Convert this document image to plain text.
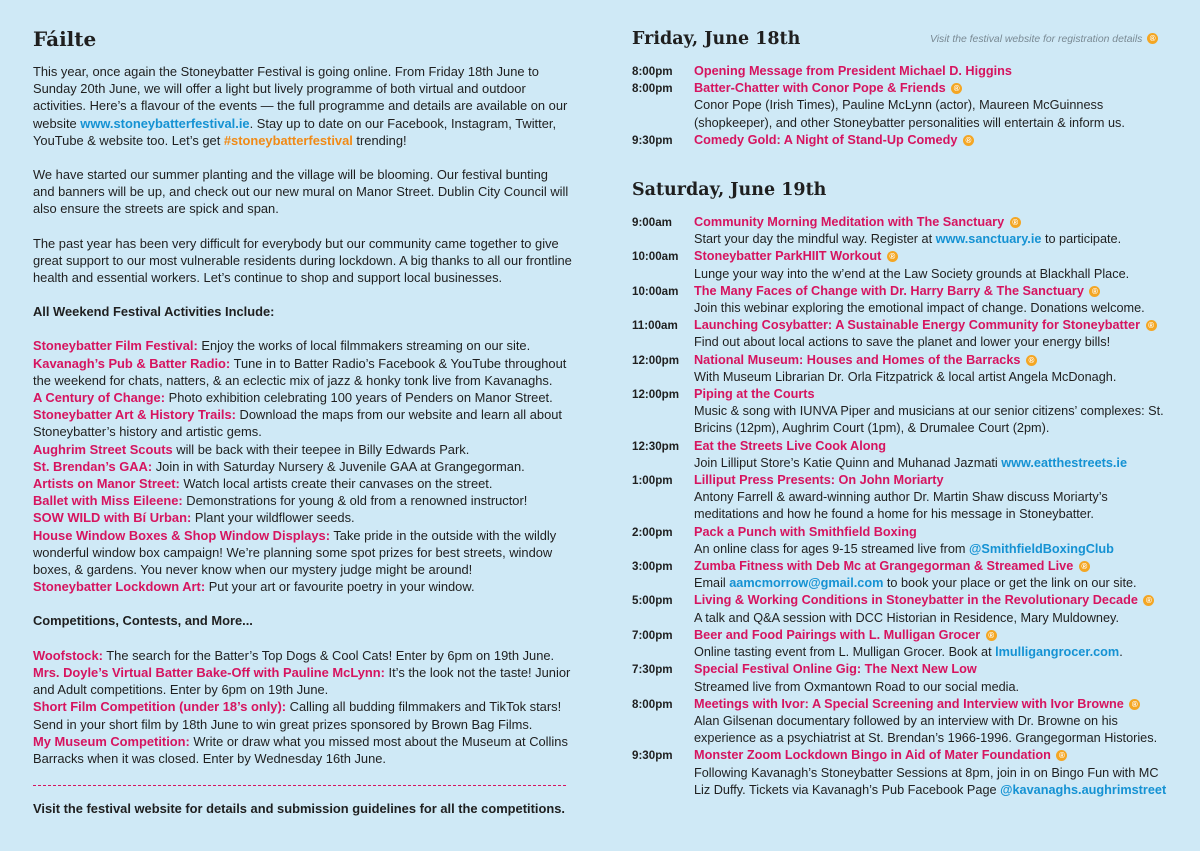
Fáilte

This year, once again the Stoneybatter Festival is going online. From Friday 18th June to Sunday 20th June, we will offer a light but lively programme of both virtual and outdoor activities. Here’s a flavour of the events — the full programme and details are available on our website www.stoneybatterfestival.ie. Stay up to date on our Facebook, Instagram, Twitter, YouTube & website too. Let’s get #stoneybatterfestival trending!

We have started our summer planting and the village will be blooming. Our festival bunting and banners will be up, and check out our new mural on Manor Street. Dublin City Council will also ensure the streets are spick and span.

The past year has been very difficult for everybody but our community came together to give great support to our most vulnerable residents during lockdown. A big thanks to all our frontline health and essential workers. Let’s continue to shop and support local businesses.

All Weekend Festival Activities Include:

Stoneybatter Film Festival: Enjoy the works of local filmmakers streaming on our site.

Kavanagh’s Pub & Batter Radio: Tune in to Batter Radio’s Facebook & YouTube throughout the weekend for chats, natters, & an eclectic mix of jazz & honky tonk live from Kavanaghs.

A Century of Change: Photo exhibition celebrating 100 years of Penders on Manor Street.

Stoneybatter Art & History Trails: Download the maps from our website and learn all about Stoneybatter’s history and artistic gems.

Aughrim Street Scouts will be back with their teepee in Billy Edwards Park.

St. Brendan’s GAA: Join in with Saturday Nursery & Juvenile GAA at Grangegorman.

Artists on Manor Street: Watch local artists create their canvases on the street.

Ballet with Miss Eileene: Demonstrations for young & old from a renowned instructor!

SOW WILD with Bí Urban: Plant your wildflower seeds.

House Window Boxes & Shop Window Displays: Take pride in the outside with the wildly wonderful window box campaign! We’re planning some spot prizes for best streets, window boxes, & gardens. You never know when our mystery judge might be around!

Stoneybatter Lockdown Art: Put your art or favourite poetry in your window.

Competitions, Contests, and More...

Woofstock: The search for the Batter’s Top Dogs & Cool Cats! Enter by 6pm on 19th June.

Mrs. Doyle’s Virtual Batter Bake-Off with Pauline McLynn: It’s the look not the taste! Junior and Adult competitions. Enter by 6pm on 19th June.

Short Film Competition (under 18’s only): Calling all budding filmmakers and TikTok stars! Send in your short film by 18th June to win great prizes sponsored by Brown Bag Films.

My Museum Competition: Write or draw what you missed most about the Museum at Collins Barracks when it was closed. Enter by Wednesday 16th June.

Visit the festival website for details and submission guidelines for all the competitions.
Visit the festival website for registration details ®
Friday, June 18th
8:00pm	Opening Message from President Michael D. Higgins
8:00pm	Batter-Chatter with Conor Pope & Friends ®
Conor Pope (Irish Times), Pauline McLynn (actor), Maureen McGuinness (shopkeeper), and other Stoneybatter personalities will entertain & inform us.
9:30pm	Comedy Gold: A Night of Stand-Up Comedy ®
Saturday, June 19th
9:00am	Community Morning Meditation with The Sanctuary ®
Start your day the mindful way. Register at www.sanctuary.ie to participate.
10:00am	Stoneybatter ParkHIIT Workout ®
Lunge your way into the w’end at the Law Society grounds at Blackhall Place.
10:00am	The Many Faces of Change with Dr. Harry Barry & The Sanctuary ®
Join this webinar exploring the emotional impact of change. Donations welcome.
11:00am	Launching Cosybatter: A Sustainable Energy Community for Stoneybatter ®
Find out about local actions to save the planet and lower your energy bills!
12:00pm	National Museum: Houses and Homes of the Barracks ®
With Museum Librarian Dr. Orla Fitzpatrick & local artist Angela McDonagh.
12:00pm	Piping at the Courts
Music & song with IUNVA Piper and musicians at our senior citizens’ complexes: St. Bricins (12pm), Aughrim Court (1pm), & Drumalee Court (2pm).
12:30pm	Eat the Streets Live Cook Along
Join Lilliput Store’s Katie Quinn and Muhanad Jazmati www.eatthestreets.ie
1:00pm	Lilliput Press Presents: On John Moriarty
Antony Farrell & award-winning author Dr. Martin Shaw discuss Moriarty’s meditations and how he found a home for his message in Stoneybatter.
2:00pm	Pack a Punch with Smithfield Boxing
An online class for ages 9-15 streamed live from @SmithfieldBoxingClub
3:00pm	Zumba Fitness with Deb Mc at Grangegorman & Streamed Live ®
Email aamcmorrow@gmail.com to book your place or get the link on our site.
5:00pm	Living & Working Conditions in Stoneybatter in the Revolutionary Decade ®
A talk and Q&A session with DCC Historian in Residence, Mary Muldowney.
7:00pm	Beer and Food Pairings with L. Mulligan Grocer ®
Online tasting event from L. Mulligan Grocer. Book at lmulligangrocer.com.
7:30pm	Special Festival Online Gig: The Next New Low
Streamed live from Oxmantown Road to our social media.
8:00pm	Meetings with Ivor: A Special Screening and Interview with Ivor Browne ®
Alan Gilsenan documentary followed by an interview with Dr. Browne on his experience as a psychiatrist at St. Brendan’s 1966-1996. Grangegorman Histories.
9:30pm	Monster Zoom Lockdown Bingo in Aid of Mater Foundation ®
Following Kavanagh’s Stoneybatter Sessions at 8pm, join in on Bingo Fun with MC Liz Duffy. Tickets via Kavanagh’s Pub Facebook Page @kavanaghs.aughrimstreet
